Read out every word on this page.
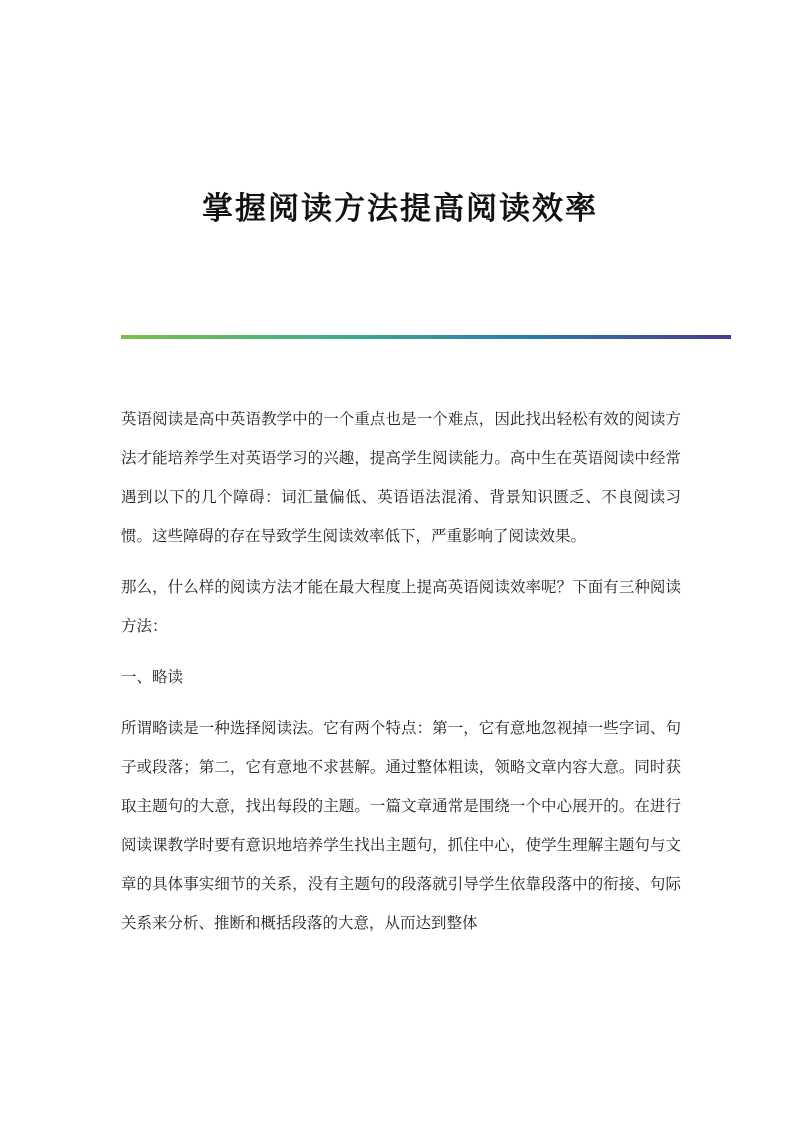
掌握阅读方法提高阅读效率

英语阅读是高中英语教学中的一个重点也是一个难点，因此找出轻松有效的阅读方法才能培养学生对英语学习的兴趣，提高学生阅读能力。高中生在英语阅读中经常遇到以下的几个障碍：词汇量偏低、英语语法混淆、背景知识匮乏、不良阅读习惯。这些障碍的存在导致学生阅读效率低下，严重影响了阅读效果。

那么，什么样的阅读方法才能在最大程度上提高英语阅读效率呢？下面有三种阅读方法：

一、略读

所谓略读是一种选择阅读法。它有两个特点：第一，它有意地忽视掉一些字词、句子或段落；第二，它有意地不求甚解。通过整体粗读，领略文章内容大意。同时获取主题句的大意，找出每段的主题。一篇文章通常是围绕一个中心展开的。在进行阅读课教学时要有意识地培养学生找出主题句，抓住中心，使学生理解主题句与文章的具体事实细节的关系，没有主题句的段落就引导学生依靠段落中的衔接、句际关系来分析、推断和概括段落的大意，从而达到整体
